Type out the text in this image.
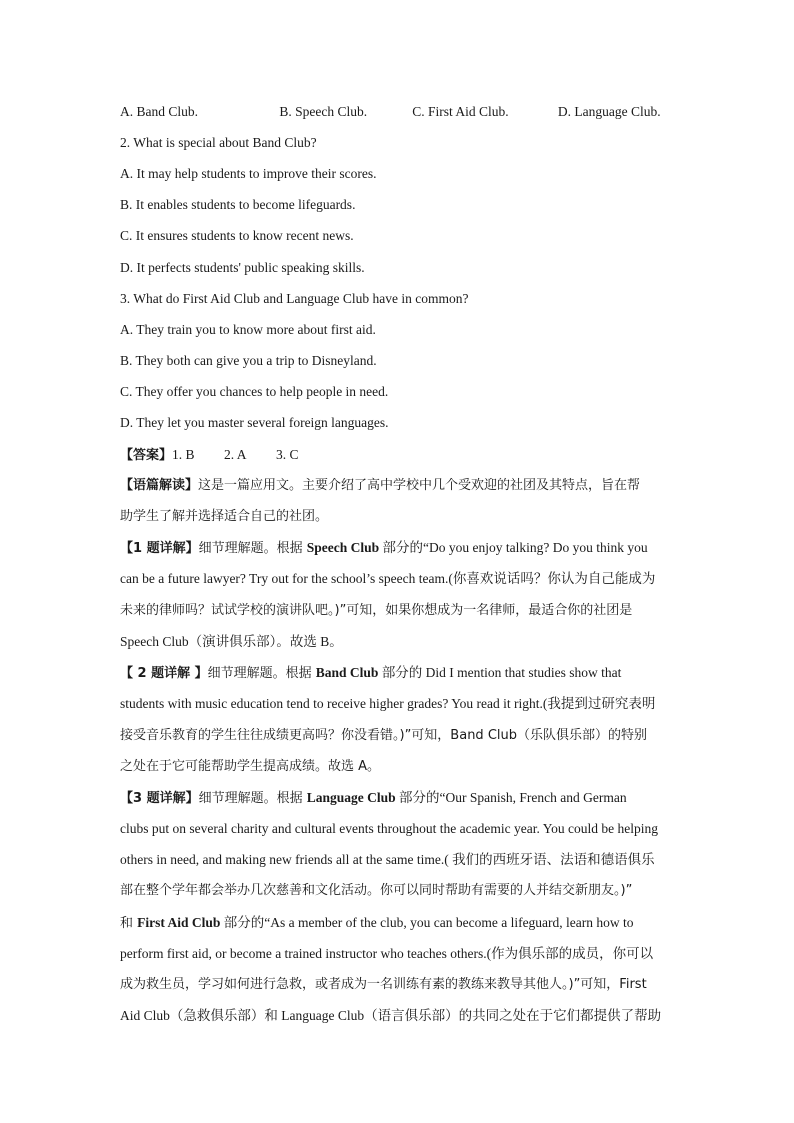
A. Band Club.	B. Speech Club.	C. First Aid Club.	D. Language Club.
2. What is special about Band Club?
A. It may help students to improve their scores.
B. It enables students to become lifeguards.
C. It ensures students to know recent news.
D. It perfects students' public speaking skills.
3. What do First Aid Club and Language Club have in common?
A. They train you to know more about first aid.
B. They both can give you a trip to Disneyland.
C. They offer you chances to help people in need.
D. They let you master several foreign languages.
【答案】1. B 2. A 3. C
【语篇解读】这是一篇应用文。主要介绍了高中学校中几个受欢迎的社团及其特点，旨在帮
助学生了解并选择适合自己的社团。
【1 题详解】细节理解题。根据 Speech Club 部分的“Do you enjoy talking? Do you think you
can be a future lawyer? Try out for the school’s speech team.(你喜欢说话吗？你认为自己能成为
未来的律师吗？试试学校的演讲队吧。)”可知，如果你想成为一名律师，最适合你的社团是
Speech Club（演讲俱乐部）。故选 B。
【 2 题详解 】细节理解题。根据 Band Club 部分的 Did I mention that studies show that
students with music education tend to receive higher grades? You read it right.(我提到过研究表明
接受音乐教育的学生往往成绩更高吗？你没看错。)”可知，Band Club（乐队俱乐部）的特别
之处在于它可能帮助学生提高成绩。故选 A。
【3 题详解】细节理解题。根据 Language Club 部分的“Our Spanish, French and German
clubs put on several charity and cultural events throughout the academic year. You could be helping
others in need, and making new friends all at the same time.( 我们的西班牙语、法语和德语俱乐
部在整个学年都会举办几次慈善和文化活动。你可以同时帮助有需要的人并结交新朋友。)”
和 First Aid Club 部分的“As a member of the club, you can become a lifeguard, learn how to
perform first aid, or become a trained instructor who teaches others.(作为俱乐部的成员，你可以
成为救生员，学习如何进行急救，或者成为一名训练有素的教练来教导其他人。)”可知，First
Aid Club（急救俱乐部）和 Language Club（语言俱乐部）的共同之处在于它们都提供了帮助
